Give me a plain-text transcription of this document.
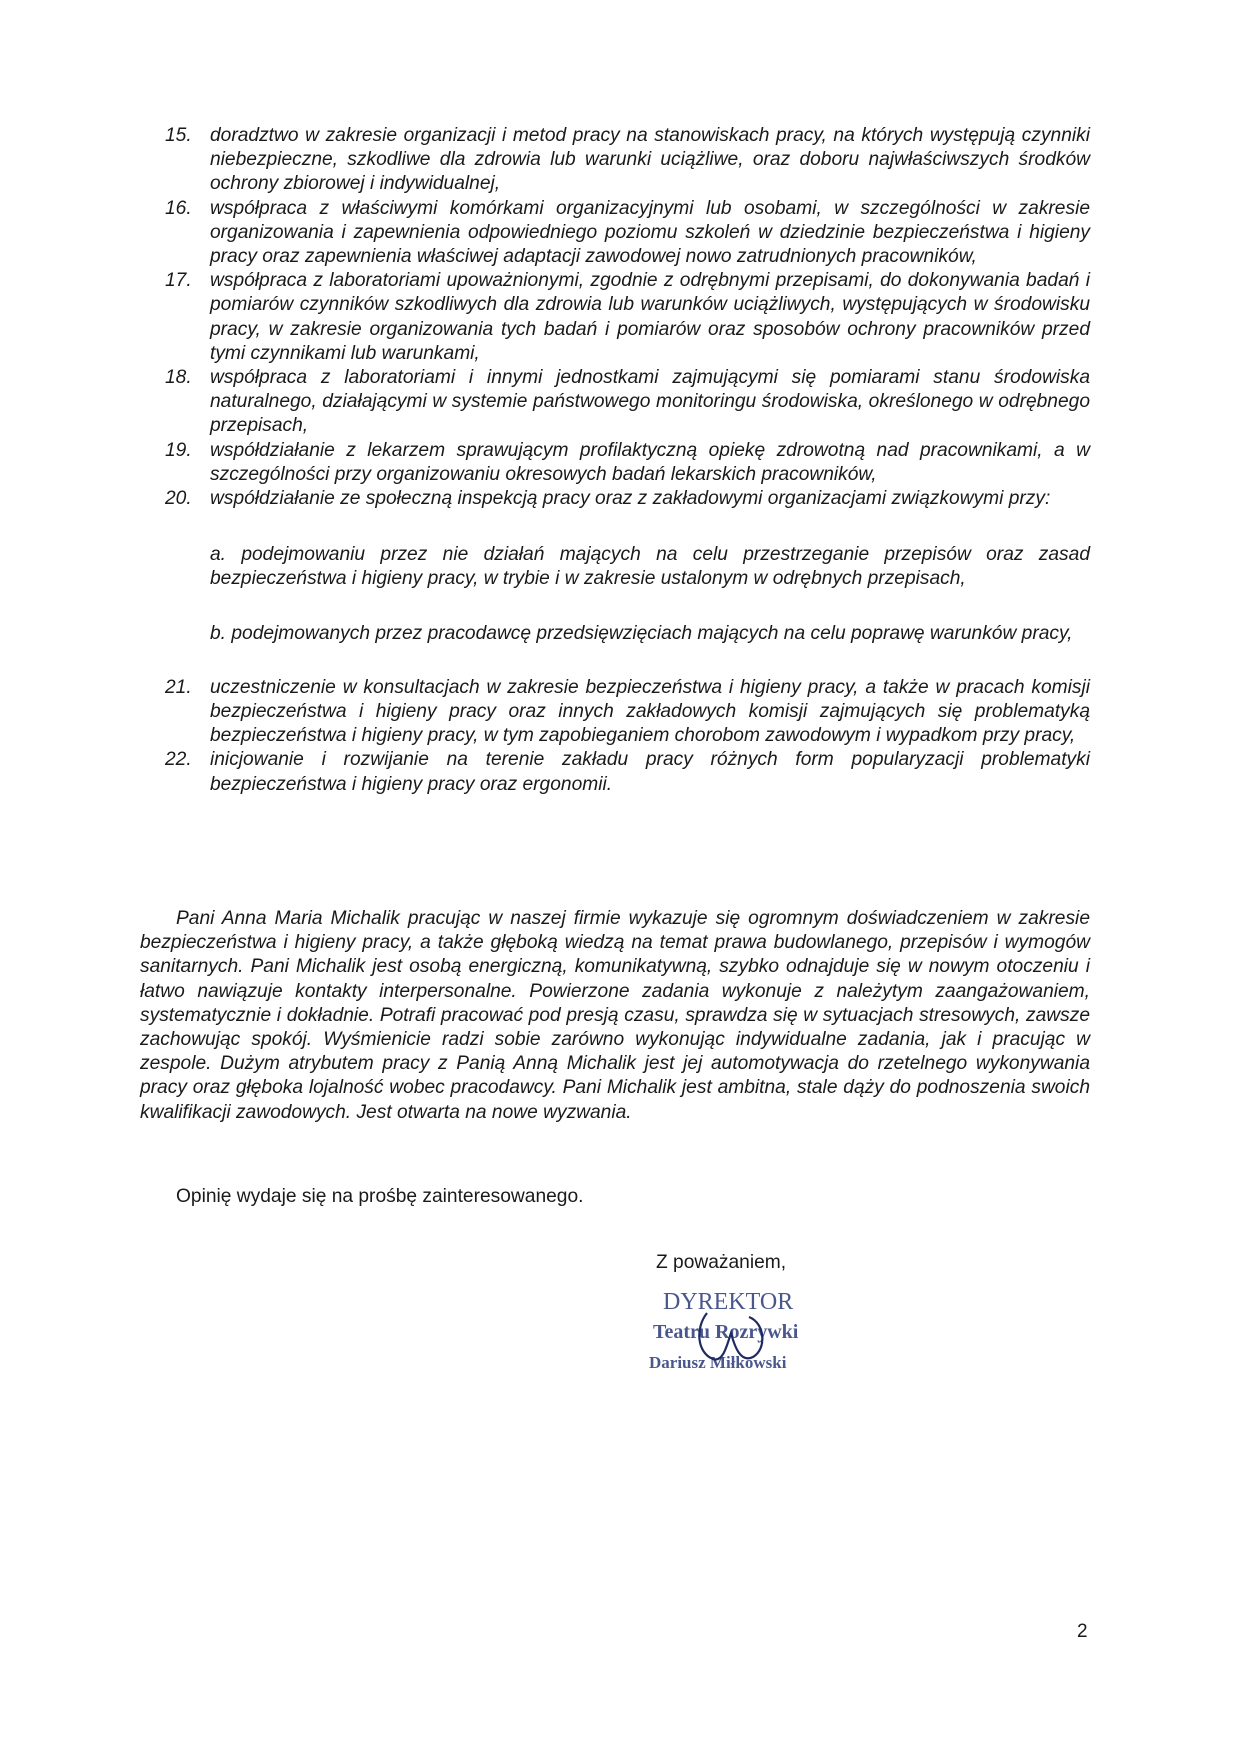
15. doradztwo w zakresie organizacji i metod pracy na stanowiskach pracy, na których występują czynniki niebezpieczne, szkodliwe dla zdrowia lub warunki uciążliwe, oraz doboru najwłaściwszych środków ochrony zbiorowej i indywidualnej,
16. współpraca z właściwymi komórkami organizacyjnymi lub osobami, w szczególności w zakresie organizowania i zapewnienia odpowiedniego poziomu szkoleń w dziedzinie bezpieczeństwa i higieny pracy oraz zapewnienia właściwej adaptacji zawodowej nowo zatrudnionych pracowników,
17. współpraca z laboratoriami upoważnionymi, zgodnie z odrębnymi przepisami, do dokonywania badań i pomiarów czynników szkodliwych dla zdrowia lub warunków uciążliwych, występujących w środowisku pracy, w zakresie organizowania tych badań i pomiarów oraz sposobów ochrony pracowników przed tymi czynnikami lub warunkami,
18. współpraca z laboratoriami i innymi jednostkami zajmującymi się pomiarami stanu środowiska naturalnego, działającymi w systemie państwowego monitoringu środowiska, określonego w odrębnego przepisach,
19. współdziałanie z lekarzem sprawującym profilaktyczną opiekę zdrowotną nad pracownikami, a w szczególności przy organizowaniu okresowych badań lekarskich pracowników,
20. współdziałanie ze społeczną inspekcją pracy oraz z zakładowymi organizacjami związkowymi przy:
a. podejmowaniu przez nie działań mających na celu przestrzeganie przepisów oraz zasad bezpieczeństwa i higieny pracy, w trybie i w zakresie ustalonym w odrębnych przepisach,
b. podejmowanych przez pracodawcę przedsięwzięciach mających na celu poprawę warunków pracy,
21. uczestniczenie w konsultacjach w zakresie bezpieczeństwa i higieny pracy, a także w pracach komisji bezpieczeństwa i higieny pracy oraz innych zakładowych komisji zajmujących się problematyką bezpieczeństwa i higieny pracy, w tym zapobieganiem chorobom zawodowym i wypadkom przy pracy,
22. inicjowanie i rozwijanie na terenie zakładu pracy różnych form popularyzacji problematyki bezpieczeństwa i higieny pracy oraz ergonomii.

Pani Anna Maria Michalik pracując w naszej firmie wykazuje się ogromnym doświadczeniem w zakresie bezpieczeństwa i higieny pracy, a także głęboką wiedzą na temat prawa budowlanego, przepisów i wymogów sanitarnych. Pani Michalik jest osobą energiczną, komunikatywną, szybko odnajduje się w nowym otoczeniu i łatwo nawiązuje kontakty interpersonalne. Powierzone zadania wykonuje z należytym zaangażowaniem, systematycznie i dokładnie. Potrafi pracować pod presją czasu, sprawdza się w sytuacjach stresowych, zawsze zachowując spokój. Wyśmienicie radzi sobie zarówno wykonując indywidualne zadania, jak i pracując w zespole. Dużym atrybutem pracy z Panią Anną Michalik jest jej automotywacja do rzetelnego wykonywania pracy oraz głęboka lojalność wobec pracodawcy. Pani Michalik jest ambitna, stale dąży do podnoszenia swoich kwalifikacji zawodowych. Jest otwarta na nowe wyzwania.

Opinię wydaje się na prośbę zainteresowanego.

Z poważaniem,

DYREKTOR
Teatru Rozrywki
Dariusz Miłkowski

2
